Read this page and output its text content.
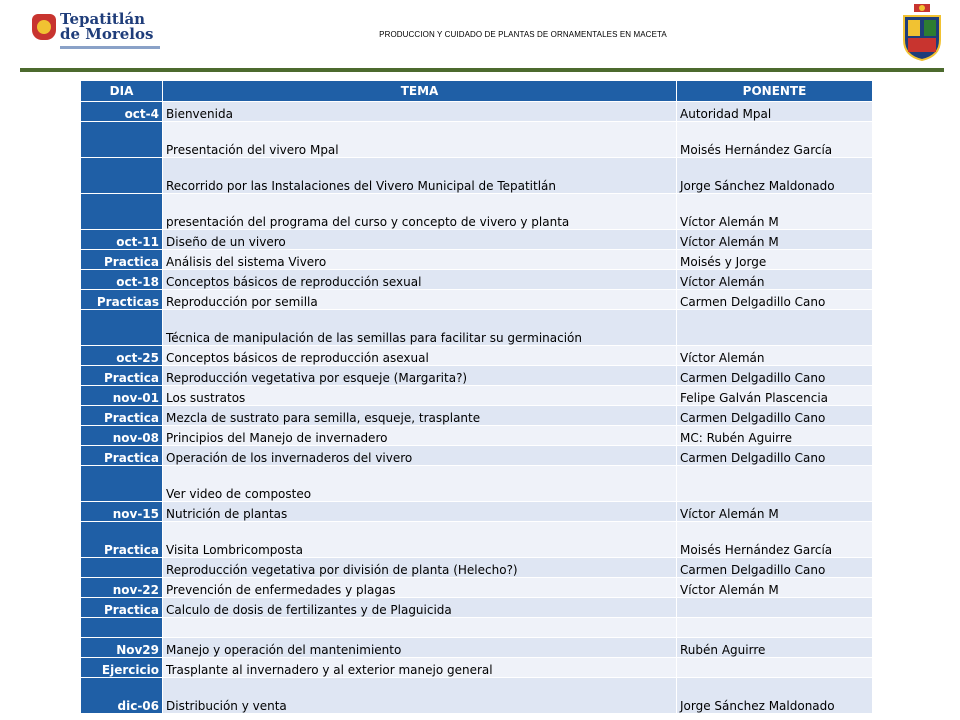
Tepatitlán
de Morelos	PRODUCCION Y CUIDADO DE PLANTAS DE ORNAMENTALES EN MACETA
DIA	TEMA	PONENTE
oct-4	Bienvenida	Autoridad Mpal
	Presentación del vivero Mpal	Moisés Hernández García
	Recorrido por las Instalaciones del Vivero Municipal de Tepatitlán	Jorge Sánchez Maldonado
	presentación del programa del curso y concepto de vivero y planta	Víctor Alemán M
oct-11	Diseño de un vivero	Víctor Alemán M
Practica	Análisis del sistema Vivero	Moisés y Jorge
oct-18	Conceptos básicos de reproducción sexual	Víctor Alemán
Practicas	Reproducción por semilla	Carmen Delgadillo Cano
	Técnica de manipulación de las semillas para facilitar su germinación	
oct-25	Conceptos básicos de reproducción asexual	Víctor Alemán
Practica	Reproducción vegetativa por esqueje (Margarita?)	Carmen Delgadillo Cano
nov-01	Los sustratos	Felipe Galván Plascencia
Practica	Mezcla de sustrato para semilla, esqueje, trasplante	Carmen Delgadillo Cano
nov-08	Principios del Manejo de invernadero	MC: Rubén Aguirre
Practica	Operación de los invernaderos del vivero	Carmen Delgadillo Cano
	Ver video de composteo	
nov-15	Nutrición de plantas	Víctor Alemán M
Practica	Visita Lombricomposta	Moisés Hernández García
	Reproducción vegetativa por división de planta (Helecho?)	Carmen Delgadillo Cano
nov-22	Prevención de enfermedades y plagas	Víctor Alemán M
Practica	Calculo de dosis de fertilizantes y de Plaguicida	

Nov29	Manejo y operación del mantenimiento	Rubén Aguirre
Ejercicio	Trasplante al invernadero y al exterior manejo general	
dic-06	Distribución y venta	Jorge Sánchez Maldonado
